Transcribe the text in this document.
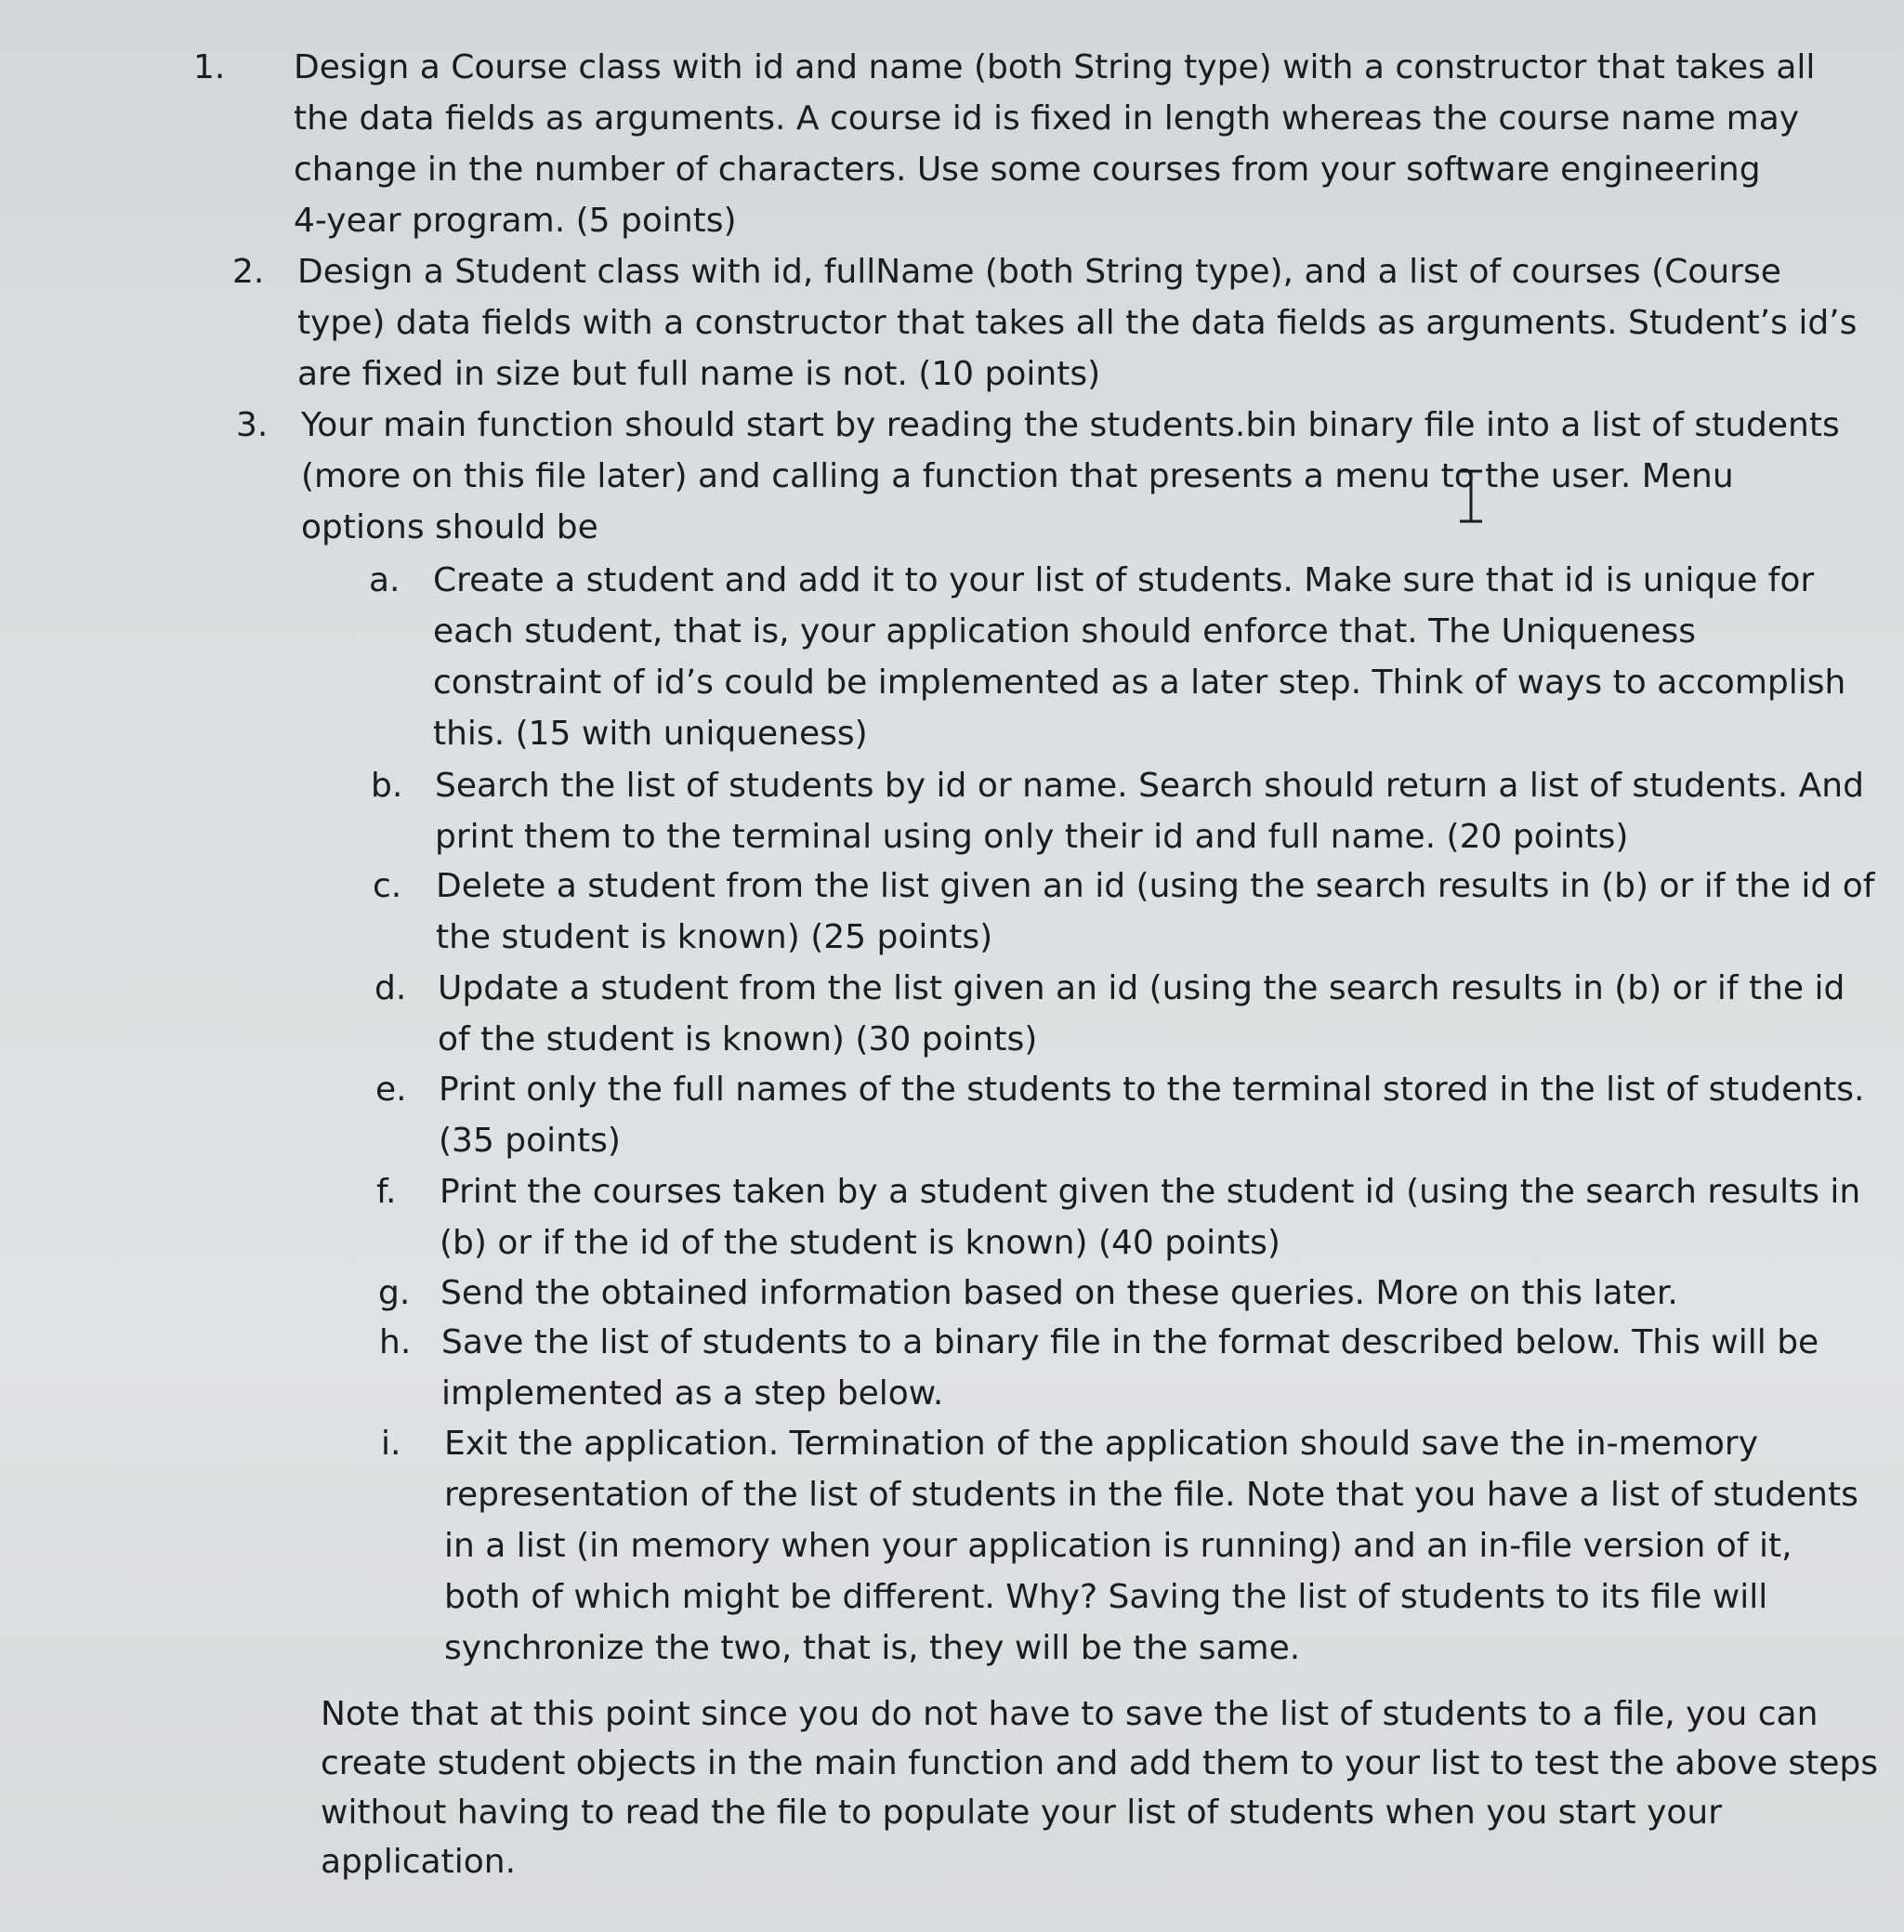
1. Design a Course class with id and name (both String type) with a constructor that takes all
the data fields as arguments. A course id is fixed in length whereas the course name may
change in the number of characters. Use some courses from your software engineering
4-year program. (5 points)
2. Design a Student class with id, fullName (both String type), and a list of courses (Course
type) data fields with a constructor that takes all the data fields as arguments. Student’s id’s
are fixed in size but full name is not. (10 points)
3. Your main function should start by reading the students.bin binary file into a list of students
(more on this file later) and calling a function that presents a menu to the user. Menu
options should be
a. Create a student and add it to your list of students. Make sure that id is unique for
each student, that is, your application should enforce that. The Uniqueness
constraint of id’s could be implemented as a later step. Think of ways to accomplish
this. (15 with uniqueness)
b. Search the list of students by id or name. Search should return a list of students. And
print them to the terminal using only their id and full name. (20 points)
c. Delete a student from the list given an id (using the search results in (b) or if the id of
the student is known) (25 points)
d. Update a student from the list given an id (using the search results in (b) or if the id
of the student is known) (30 points)
e. Print only the full names of the students to the terminal stored in the list of students.
(35 points)
f. Print the courses taken by a student given the student id (using the search results in
(b) or if the id of the student is known) (40 points)
g. Send the obtained information based on these queries. More on this later.
h. Save the list of students to a binary file in the format described below. This will be
implemented as a step below.
i. Exit the application. Termination of the application should save the in-memory
representation of the list of students in the file. Note that you have a list of students
in a list (in memory when your application is running) and an in-file version of it,
both of which might be different. Why? Saving the list of students to its file will
synchronize the two, that is, they will be the same.
Note that at this point since you do not have to save the list of students to a file, you can
create student objects in the main function and add them to your list to test the above steps
without having to read the file to populate your list of students when you start your
application.
